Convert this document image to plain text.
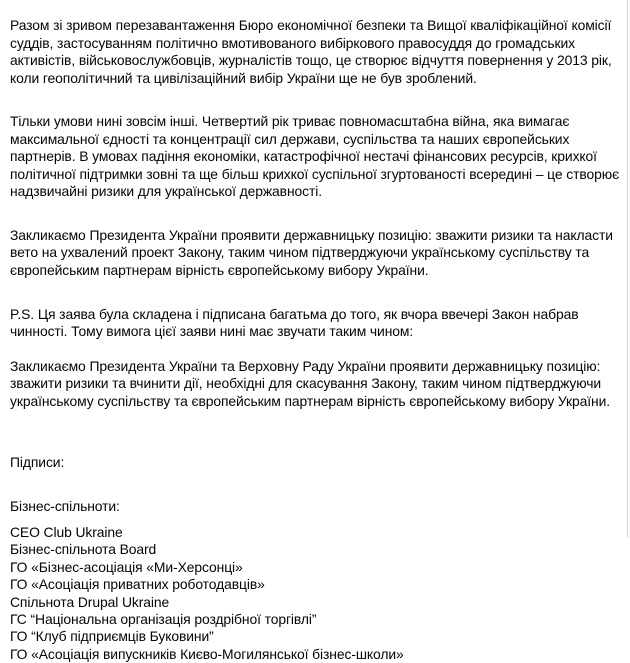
Разом зі зривом перезавантаження Бюро економічної безпеки та Вищої кваліфікаційної комісії суддів, застосуванням політично вмотивованого вибіркового правосуддя до громадських активістів, військовослужбовців, журналістів тощо, це створює відчуття повернення у 2013 рік, коли геополітичний та цивілізаційний вибір України ще не був зроблений.

Тільки умови нині зовсім інші. Четвертий рік триває повномасштабна війна, яка вимагає максимальної єдності та концентрації сил держави, суспільства та наших європейських партнерів. В умовах падіння економіки, катастрофічної нестачі фінансових ресурсів, крихкої політичної підтримки зовні та ще більш крихкої суспільної згуртованості всередині – це створює надзвичайні ризики для української державності.

Закликаємо Президента України проявити державницьку позицію: зважити ризики та накласти вето на ухвалений проект Закону, таким чином підтверджуючи українському суспільству та європейським партнерам вірність європейському вибору України.

P.S. Ця заява була складена і підписана багатьма до того, як вчора ввечері Закон набрав чинності. Тому вимога цієї заяви нині має звучати таким чином:

Закликаємо Президента України та Верховну Раду України проявити державницьку позицію: зважити ризики та вчинити дії, необхідні для скасування Закону, таким чином підтверджуючи українському суспільству та європейським партнерам вірність європейському вибору України.

Підписи:

Бізнес-спільноти:

CEO Club Ukraine
Бізнес-спільнота Board
ГО «Бізнес-асоціація «Ми-Херсонці»
ГО «Асоціація приватних роботодавців»
Спільнота Drupal Ukraine
ГС “Національна організація роздрібної торгівлі”
ГО “Клуб підприємців Буковини”
ГО «Асоціація випускників Києво-Могилянської бізнес-школи»
